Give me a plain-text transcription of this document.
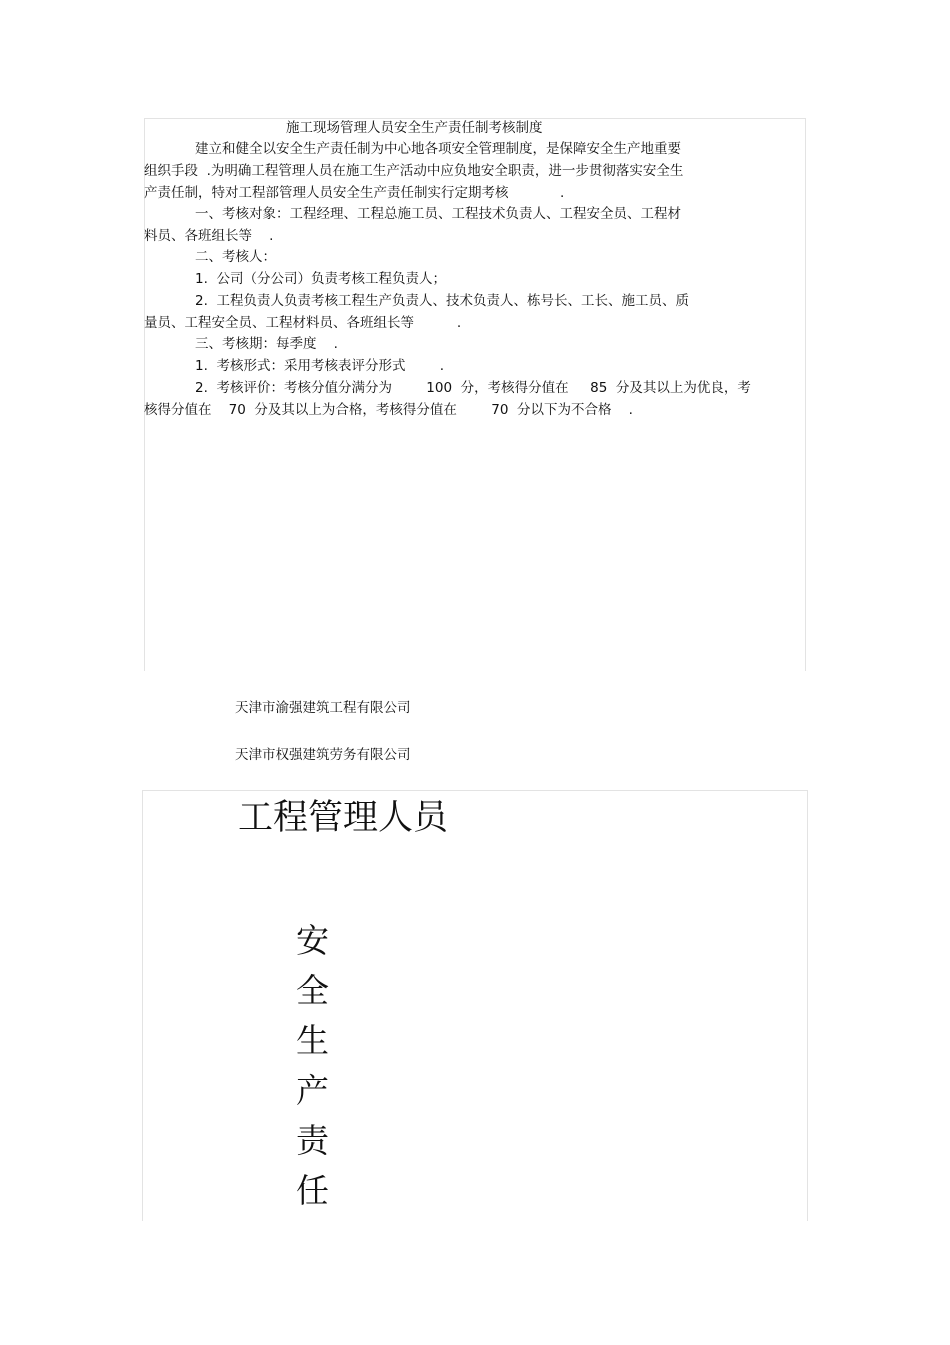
施工现场管理人员安全生产责任制考核制度
建立和健全以安全生产责任制为中心地各项安全管理制度，是保障安全生产地重要
组织手段  .为明确工程管理人员在施工生产活动中应负地安全职责，进一步贯彻落实安全生
产责任制，特对工程部管理人员安全生产责任制实行定期考核            .
一、考核对象：工程经理、工程总施工员、工程技术负责人、工程安全员、工程材
料员、各班组长等    .
二、考核人：
1.  公司（分公司）负责考核工程负责人；
2.  工程负责人负责考核工程生产负责人、技术负责人、栋号长、工长、施工员、质
量员、工程安全员、工程材料员、各班组长等          .
三、考核期：每季度    .
1.  考核形式：采用考核表评分形式        .
2.  考核评价：考核分值分满分为        100  分，考核得分值在     85  分及其以上为优良，考
核得分值在    70  分及其以上为合格，考核得分值在        70  分以下为不合格    .
天津市渝强建筑工程有限公司
天津市权强建筑劳务有限公司
工程管理人员
安
全
生
产
责
任
